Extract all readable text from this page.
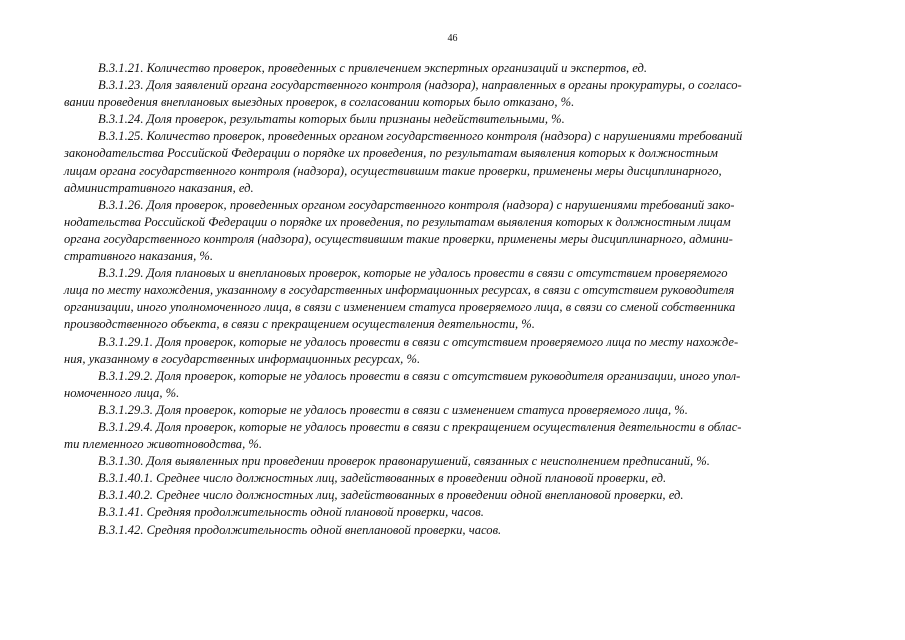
46

В.3.1.21. Количество проверок, проведенных с привлечением экспертных организаций и экспертов, ед.

В.3.1.23. Доля заявлений органа государственного контроля (надзора), направленных в органы прокуратуры, о согласо-
вании проведения внеплановых выездных проверок, в согласовании которых было отказано, %.

В.3.1.24. Доля проверок, результаты которых были признаны недействительными, %.

В.3.1.25. Количество проверок, проведенных органом государственного контроля (надзора) с нарушениями требований
законодательства Российской Федерации о порядке их проведения, по результатам выявления которых к должностным
лицам органа государственного контроля (надзора), осуществившим такие проверки, применены меры дисциплинарного,
административного наказания, ед.

В.3.1.26. Доля проверок, проведенных органом государственного контроля (надзора) с нарушениями требований зако-
нодательства Российской Федерации о порядке их проведения, по результатам выявления которых к должностным лицам
органа государственного контроля (надзора), осуществившим такие проверки, применены меры дисциплинарного, админи-
стративного наказания, %.

В.3.1.29. Доля плановых и внеплановых проверок, которые не удалось провести в связи с отсутствием проверяемого
лица по месту нахождения, указанному в государственных информационных ресурсах, в связи с отсутствием руководителя
организации, иного уполномоченного лица, в связи с изменением статуса проверяемого лица, в связи со сменой собственника
производственного объекта, в связи с прекращением осуществления деятельности, %.

В.3.1.29.1. Доля проверок, которые не удалось провести в связи с отсутствием проверяемого лица по месту нахожде-
ния, указанному в государственных информационных ресурсах, %.

В.3.1.29.2. Доля проверок, которые не удалось провести в связи с отсутствием руководителя организации, иного упол-
номоченного лица, %.

В.3.1.29.3. Доля проверок, которые не удалось провести в связи с изменением статуса проверяемого лица, %.

В.3.1.29.4. Доля проверок, которые не удалось провести в связи с прекращением осуществления деятельности в облас-
ти племенного животноводства, %.

В.3.1.30. Доля выявленных при проведении проверок правонарушений, связанных с неисполнением предписаний, %.

В.3.1.40.1. Среднее число должностных лиц, задействованных в проведении одной плановой проверки, ед.

В.3.1.40.2. Среднее число должностных лиц, задействованных в проведении одной внеплановой проверки, ед.

В.3.1.41. Средняя продолжительность одной плановой проверки, часов.

В.3.1.42. Средняя продолжительность одной внеплановой проверки, часов.
